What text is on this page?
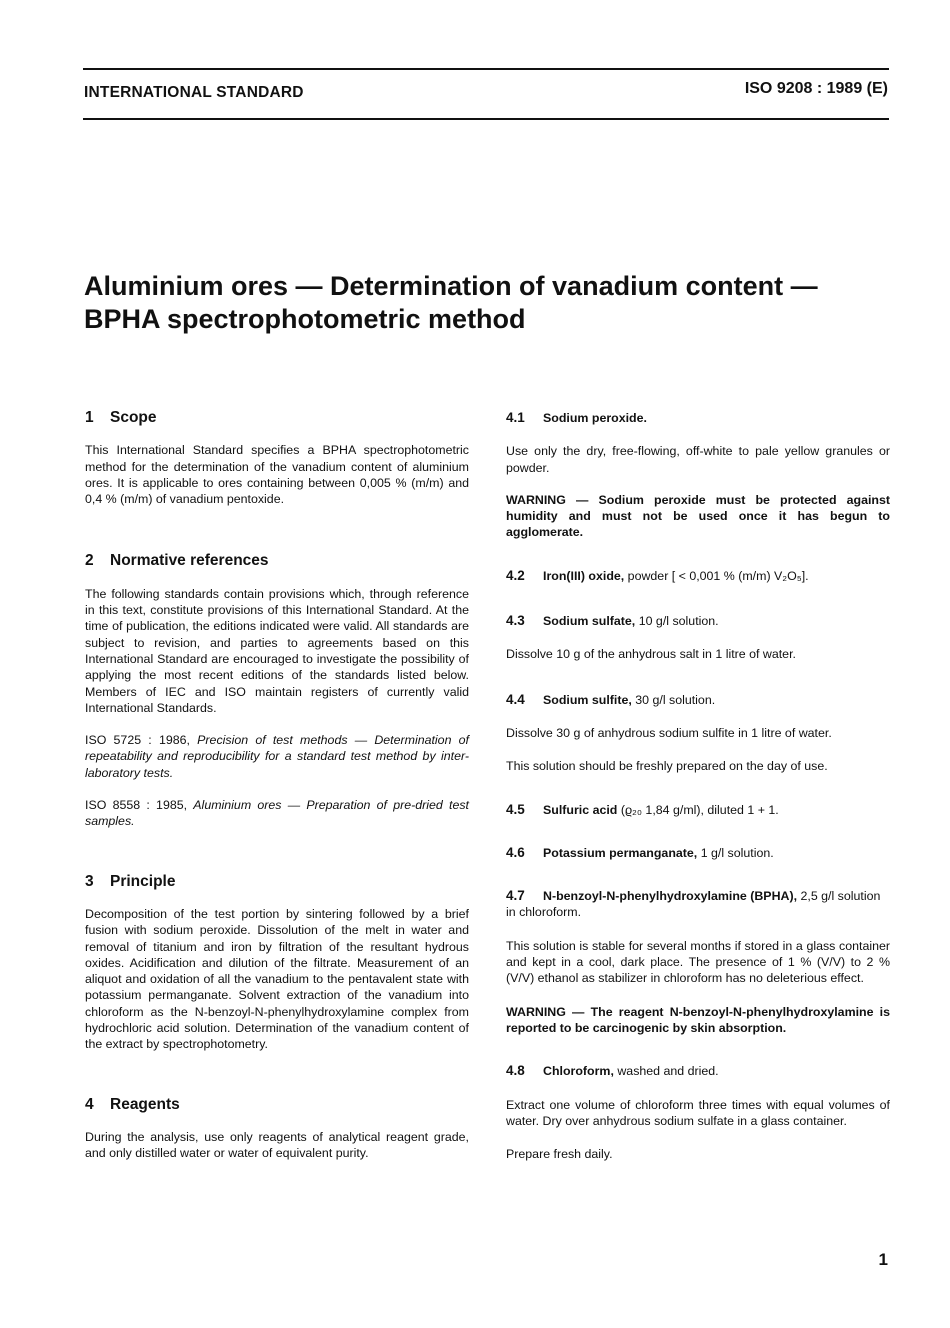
INTERNATIONAL STANDARD	ISO 9208 : 1989 (E)
Aluminium ores — Determination of vanadium content —
BPHA spectrophotometric method
1 Scope

This International Standard specifies a BPHA spectrophotometric method for the determination of the vanadium content of aluminium ores. It is applicable to ores containing between 0,005 % (m/m) and 0,4 % (m/m) of vanadium pentoxide.

2 Normative references

The following standards contain provisions which, through reference in this text, constitute provisions of this International Standard. At the time of publication, the editions indicated were valid. All standards are subject to revision, and parties to agreements based on this International Standard are encouraged to investigate the possibility of applying the most recent editions of the standards listed below. Members of IEC and ISO maintain registers of currently valid International Standards.

ISO 5725 : 1986, Precision of test methods — Determination of repeatability and reproducibility for a standard test method by inter-laboratory tests.

ISO 8558 : 1985, Aluminium ores — Preparation of pre-dried test samples.

3 Principle

Decomposition of the test portion by sintering followed by a brief fusion with sodium peroxide. Dissolution of the melt in water and removal of titanium and iron by filtration of the resultant hydrous oxides. Acidification and dilution of the filtrate. Measurement of an aliquot and oxidation of all the vanadium to the pentavalent state with potassium permanganate. Solvent extraction of the vanadium into chloroform as the N-benzoyl-N-phenylhydroxylamine complex from hydrochloric acid solution. Determination of the vanadium content of the extract by spectrophotometry.

4 Reagents

During the analysis, use only reagents of analytical reagent grade, and only distilled water or water of equivalent purity.

4.1 Sodium peroxide.

Use only the dry, free-flowing, off-white to pale yellow granules or powder.

WARNING — Sodium peroxide must be protected against humidity and must not be used once it has begun to agglomerate.

4.2 Iron(III) oxide, powder [ < 0,001 % (m/m) V₂O₅].
4.3 Sodium sulfate, 10 g/l solution.

Dissolve 10 g of the anhydrous salt in 1 litre of water.

4.4 Sodium sulfite, 30 g/l solution.

Dissolve 30 g of anhydrous sodium sulfite in 1 litre of water.

This solution should be freshly prepared on the day of use.

4.5 Sulfuric acid (ϱ₂₀ 1,84 g/ml), diluted 1 + 1.
4.6 Potassium permanganate, 1 g/l solution.
4.7 N-benzoyl-N-phenylhydroxylamine (BPHA), 2,5 g/l solution in chloroform.

This solution is stable for several months if stored in a glass container and kept in a cool, dark place. The presence of 1 % (V/V) to 2 % (V/V) ethanol as stabilizer in chloroform has no deleterious effect.

WARNING — The reagent N-benzoyl-N-phenylhydroxylamine is reported to be carcinogenic by skin absorption.

4.8 Chloroform, washed and dried.

Extract one volume of chloroform three times with equal volumes of water. Dry over anhydrous sodium sulfate in a glass container.

Prepare fresh daily.

1
